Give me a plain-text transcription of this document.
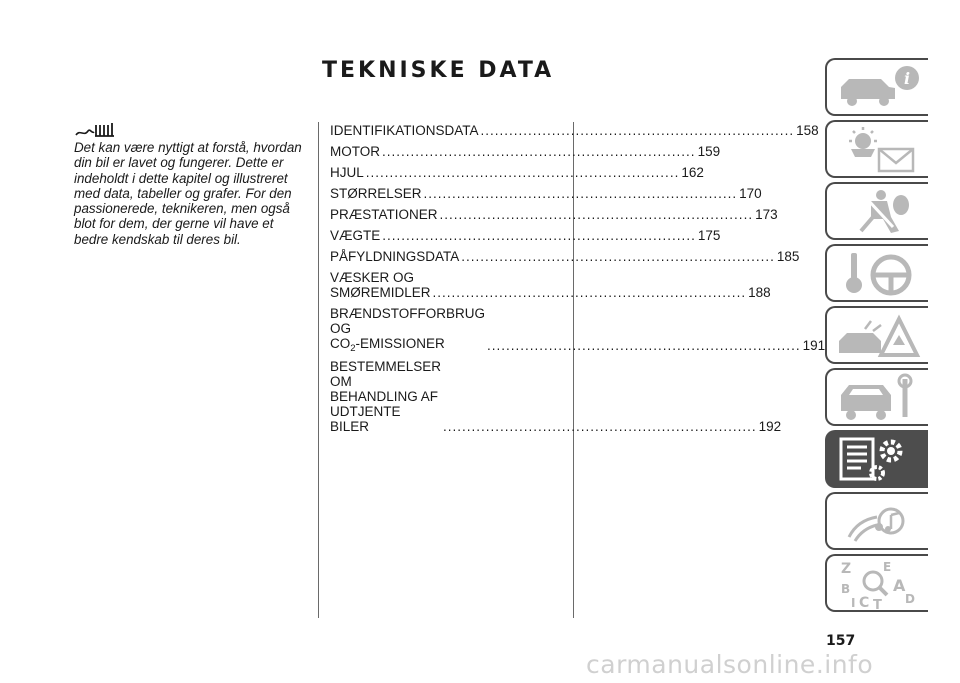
TEKNISKE DATA

Det kan være nyttigt at forstå, hvordan din bil er lavet og fungerer. Dette er indeholdt i dette kapitel og illustreret med data, tabeller og grafer. For den passionerede, teknikeren, men også blot for dem, der gerne vil have et bedre kendskab til deres bil.

IDENTIFIKATIONSDATA .................................................................. 158
MOTOR .................................................................. 159
HJUL .................................................................. 162
STØRRELSER .................................................................. 170
PRÆSTATIONER .................................................................. 173
VÆGTE .................................................................. 175
PÅFYLDNINGSDATA .................................................................. 185
VÆSKER OG SMØREMIDLER .................................................................. 188
BRÆNDSTOFFORBRUG OG
$CO_2$-EMISSIONER	.................................................................. 191
BESTEMMELSER OM
BEHANDLING AF UDTJENTE
BILER	.................................................................. 192
i
Z	E
B	A
I C T D
157
carmanualsonline.info
